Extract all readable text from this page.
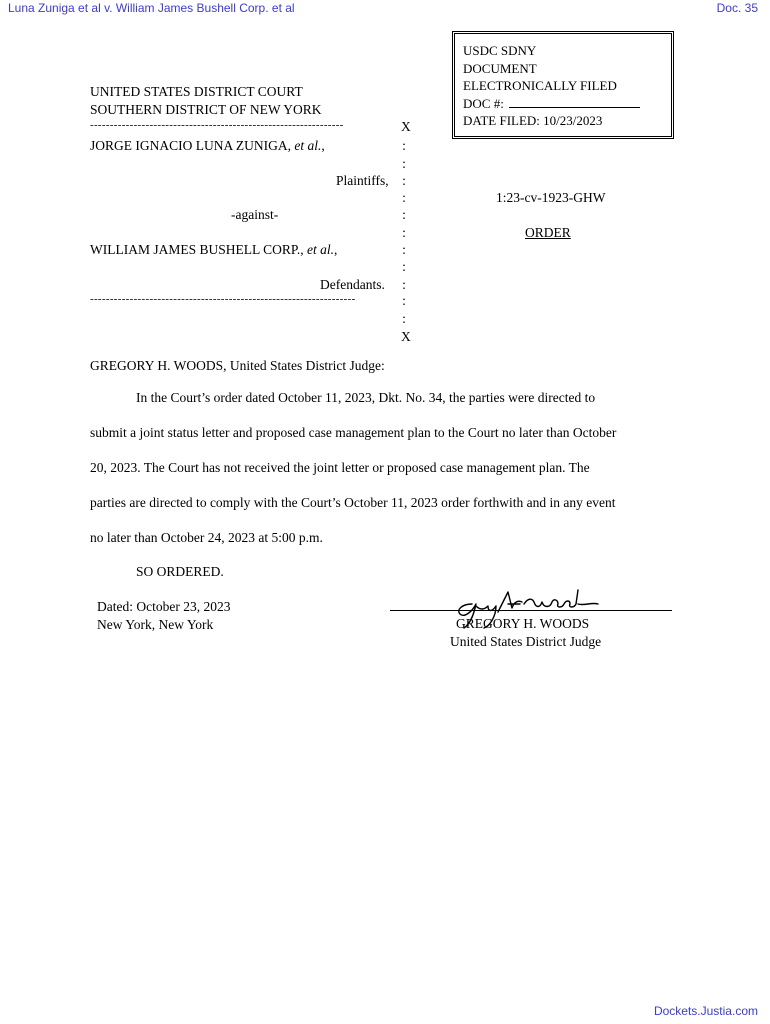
Luna Zuniga et al v. William James Bushell Corp. et al	Doc. 35
USDC SDNY
DOCUMENT
ELECTRONICALLY FILED
DOC #:
DATE FILED: 10/23/2023
UNITED STATES DISTRICT COURT
SOUTHERN DISTRICT OF NEW YORK
----------------------------------------------------------------	X
JORGE IGNACIO LUNA ZUNIGA, et al.,
Plaintiffs,
-against-
WILLIAM JAMES BUSHELL CORP., et al.,
Defendants.
:
:
:
:
:
:
:
:
:
-------------------------------------------------------------------	:
:
X
1:23-cv-1923-GHW
ORDER
GREGORY H. WOODS, United States District Judge:
In the Court’s order dated October 11, 2023, Dkt. No. 34, the parties were directed to
submit a joint status letter and proposed case management plan to the Court no later than October
20, 2023. The Court has not received the joint letter or proposed case management plan. The
parties are directed to comply with the Court’s October 11, 2023 order forthwith and in any event
no later than October 24, 2023 at 5:00 p.m.
SO ORDERED.
Dated: October 23, 2023
New York, New York	GREGORY H. WOODS
United States District Judge
Dockets.Justia.com
